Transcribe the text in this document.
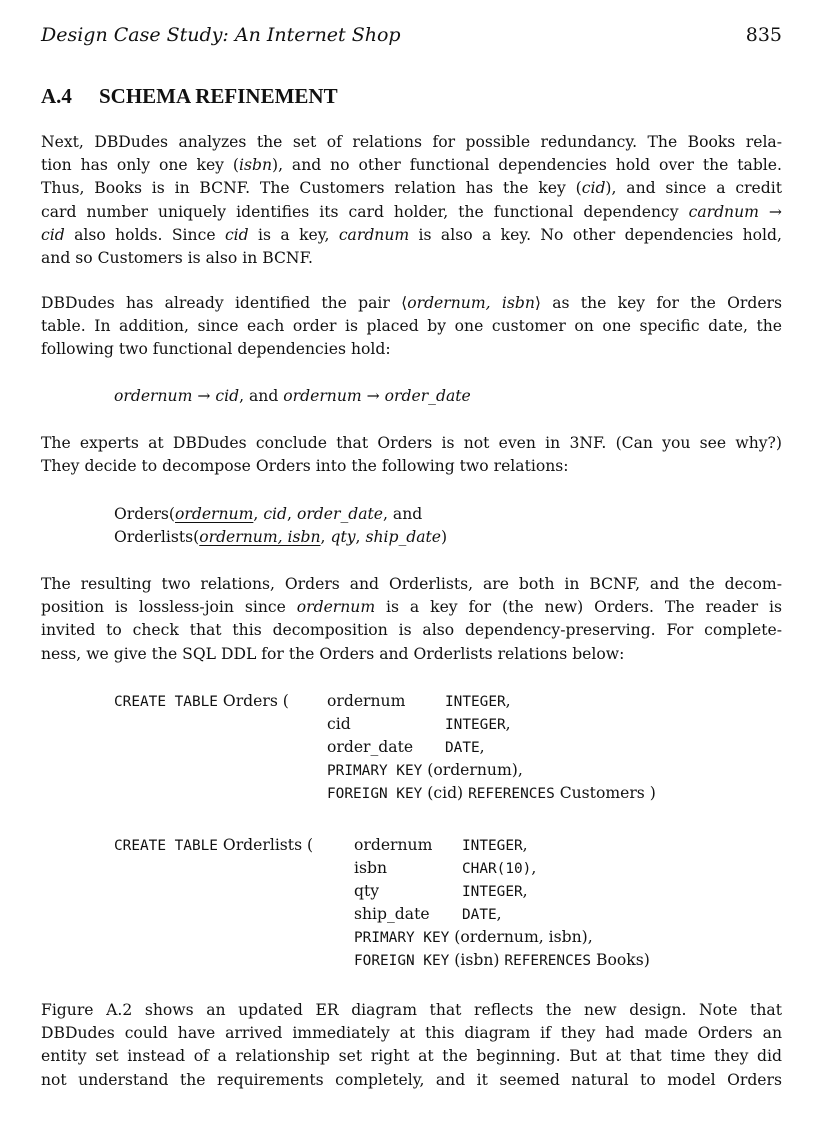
Design Case Study: An Internet Shop	835
A.4 SCHEMA REFINEMENT
Next, DBDudes analyzes the set of relations for possible redundancy. The Books rela-
tion has only one key (isbn), and no other functional dependencies hold over the table.
Thus, Books is in BCNF. The Customers relation has the key (cid), and since a credit
card number uniquely identifies its card holder, the functional dependency cardnum →
cid also holds. Since cid is a key, cardnum is also a key. No other dependencies hold,
and so Customers is also in BCNF.
DBDudes has already identified the pair ⟨ordernum, isbn⟩ as the key for the Orders
table. In addition, since each order is placed by one customer on one specific date, the
following two functional dependencies hold:
ordernum → cid, and ordernum → order_date
The experts at DBDudes conclude that Orders is not even in 3NF. (Can you see why?)
They decide to decompose Orders into the following two relations:
Orders(ordernum, cid, order_date, and
Orderlists(ordernum, isbn, qty, ship_date)
The resulting two relations, Orders and Orderlists, are both in BCNF, and the decom-
position is lossless-join since ordernum is a key for (the new) Orders. The reader is
invited to check that this decomposition is also dependency-preserving. For complete-
ness, we give the SQL DDL for the Orders and Orderlists relations below:
CREATE TABLE Orders ( ordernum	INTEGER,
cid	INTEGER,
order_date DATE,
PRIMARY KEY (ordernum),
FOREIGN KEY (cid) REFERENCES Customers )
CREATE TABLE Orderlists (	ordernum INTEGER,
isbn	CHAR(10),
qty	INTEGER,
ship_date DATE,
PRIMARY KEY (ordernum, isbn),
FOREIGN KEY (isbn) REFERENCES Books)
Figure A.2 shows an updated ER diagram that reflects the new design. Note that
DBDudes could have arrived immediately at this diagram if they had made Orders an
entity set instead of a relationship set right at the beginning. But at that time they did
not understand the requirements completely, and it seemed natural to model Orders
